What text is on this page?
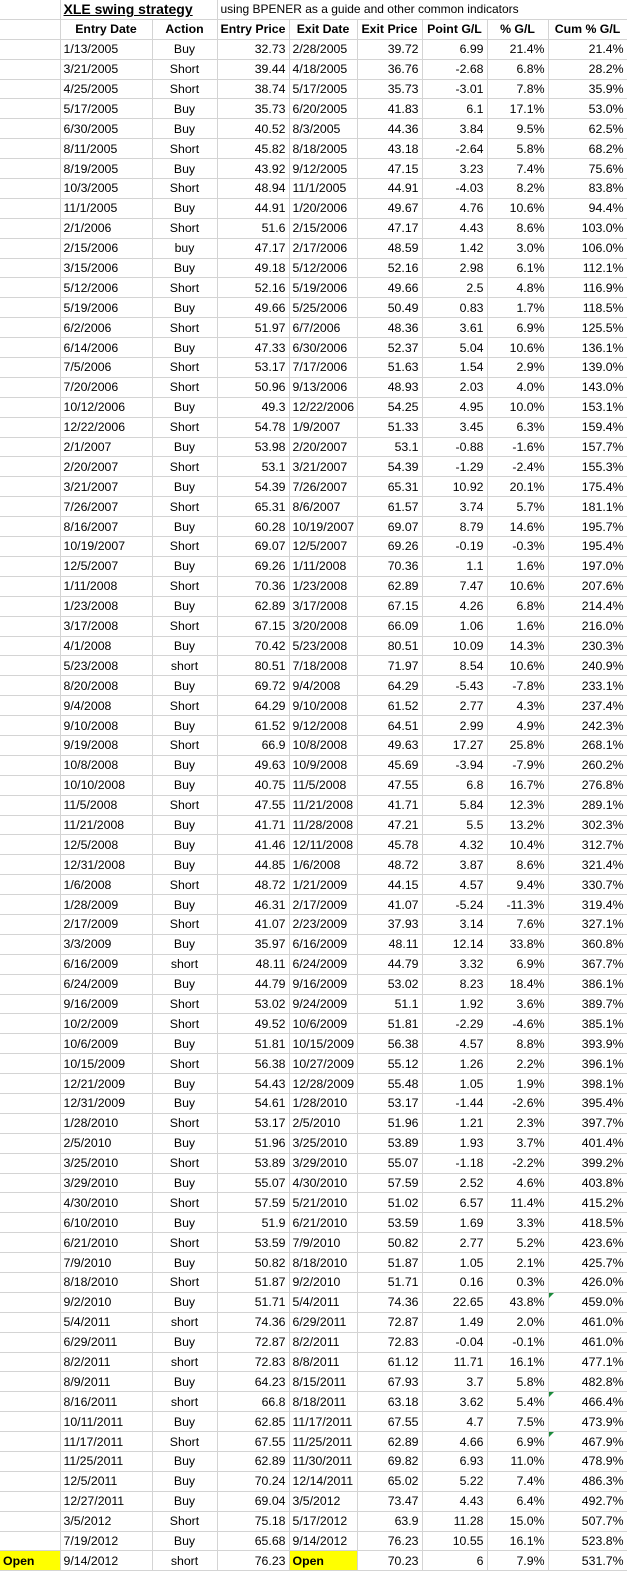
	XLE swing strategy		using BPENER as a guide and other common indicators					
	Entry Date	Action	Entry Price	Exit Date	Exit Price	Point G/L	% G/L	Cum % G/L
	1/13/2005	Buy	32.73	2/28/2005	39.72	6.99	21.4%	21.4%
	3/21/2005	Short	39.44	4/18/2005	36.76	-2.68	6.8%	28.2%
	4/25/2005	Short	38.74	5/17/2005	35.73	-3.01	7.8%	35.9%
	5/17/2005	Buy	35.73	6/20/2005	41.83	6.1	17.1%	53.0%
	6/30/2005	Buy	40.52	8/3/2005	44.36	3.84	9.5%	62.5%
	8/11/2005	Short	45.82	8/18/2005	43.18	-2.64	5.8%	68.2%
	8/19/2005	Buy	43.92	9/12/2005	47.15	3.23	7.4%	75.6%
	10/3/2005	Short	48.94	11/1/2005	44.91	-4.03	8.2%	83.8%
	11/1/2005	Buy	44.91	1/20/2006	49.67	4.76	10.6%	94.4%
	2/1/2006	Short	51.6	2/15/2006	47.17	4.43	8.6%	103.0%
	2/15/2006	buy	47.17	2/17/2006	48.59	1.42	3.0%	106.0%
	3/15/2006	Buy	49.18	5/12/2006	52.16	2.98	6.1%	112.1%
	5/12/2006	Short	52.16	5/19/2006	49.66	2.5	4.8%	116.9%
	5/19/2006	Buy	49.66	5/25/2006	50.49	0.83	1.7%	118.5%
	6/2/2006	Short	51.97	6/7/2006	48.36	3.61	6.9%	125.5%
	6/14/2006	Buy	47.33	6/30/2006	52.37	5.04	10.6%	136.1%
	7/5/2006	Short	53.17	7/17/2006	51.63	1.54	2.9%	139.0%
	7/20/2006	Short	50.96	9/13/2006	48.93	2.03	4.0%	143.0%
	10/12/2006	Buy	49.3	12/22/2006	54.25	4.95	10.0%	153.1%
	12/22/2006	Short	54.78	1/9/2007	51.33	3.45	6.3%	159.4%
	2/1/2007	Buy	53.98	2/20/2007	53.1	-0.88	-1.6%	157.7%
	2/20/2007	Short	53.1	3/21/2007	54.39	-1.29	-2.4%	155.3%
	3/21/2007	Buy	54.39	7/26/2007	65.31	10.92	20.1%	175.4%
	7/26/2007	Short	65.31	8/6/2007	61.57	3.74	5.7%	181.1%
	8/16/2007	Buy	60.28	10/19/2007	69.07	8.79	14.6%	195.7%
	10/19/2007	Short	69.07	12/5/2007	69.26	-0.19	-0.3%	195.4%
	12/5/2007	Buy	69.26	1/11/2008	70.36	1.1	1.6%	197.0%
	1/11/2008	Short	70.36	1/23/2008	62.89	7.47	10.6%	207.6%
	1/23/2008	Buy	62.89	3/17/2008	67.15	4.26	6.8%	214.4%
	3/17/2008	Short	67.15	3/20/2008	66.09	1.06	1.6%	216.0%
	4/1/2008	Buy	70.42	5/23/2008	80.51	10.09	14.3%	230.3%
	5/23/2008	short	80.51	7/18/2008	71.97	8.54	10.6%	240.9%
	8/20/2008	Buy	69.72	9/4/2008	64.29	-5.43	-7.8%	233.1%
	9/4/2008	Short	64.29	9/10/2008	61.52	2.77	4.3%	237.4%
	9/10/2008	Buy	61.52	9/12/2008	64.51	2.99	4.9%	242.3%
	9/19/2008	Short	66.9	10/8/2008	49.63	17.27	25.8%	268.1%
	10/8/2008	Buy	49.63	10/9/2008	45.69	-3.94	-7.9%	260.2%
	10/10/2008	Buy	40.75	11/5/2008	47.55	6.8	16.7%	276.8%
	11/5/2008	Short	47.55	11/21/2008	41.71	5.84	12.3%	289.1%
	11/21/2008	Buy	41.71	11/28/2008	47.21	5.5	13.2%	302.3%
	12/5/2008	Buy	41.46	12/11/2008	45.78	4.32	10.4%	312.7%
	12/31/2008	Buy	44.85	1/6/2008	48.72	3.87	8.6%	321.4%
	1/6/2008	Short	48.72	1/21/2009	44.15	4.57	9.4%	330.7%
	1/28/2009	Buy	46.31	2/17/2009	41.07	-5.24	-11.3%	319.4%
	2/17/2009	Short	41.07	2/23/2009	37.93	3.14	7.6%	327.1%
	3/3/2009	Buy	35.97	6/16/2009	48.11	12.14	33.8%	360.8%
	6/16/2009	short	48.11	6/24/2009	44.79	3.32	6.9%	367.7%
	6/24/2009	Buy	44.79	9/16/2009	53.02	8.23	18.4%	386.1%
	9/16/2009	Short	53.02	9/24/2009	51.1	1.92	3.6%	389.7%
	10/2/2009	Short	49.52	10/6/2009	51.81	-2.29	-4.6%	385.1%
	10/6/2009	Buy	51.81	10/15/2009	56.38	4.57	8.8%	393.9%
	10/15/2009	Short	56.38	10/27/2009	55.12	1.26	2.2%	396.1%
	12/21/2009	Buy	54.43	12/28/2009	55.48	1.05	1.9%	398.1%
	12/31/2009	Buy	54.61	1/28/2010	53.17	-1.44	-2.6%	395.4%
	1/28/2010	Short	53.17	2/5/2010	51.96	1.21	2.3%	397.7%
	2/5/2010	Buy	51.96	3/25/2010	53.89	1.93	3.7%	401.4%
	3/25/2010	Short	53.89	3/29/2010	55.07	-1.18	-2.2%	399.2%
	3/29/2010	Buy	55.07	4/30/2010	57.59	2.52	4.6%	403.8%
	4/30/2010	Short	57.59	5/21/2010	51.02	6.57	11.4%	415.2%
	6/10/2010	Buy	51.9	6/21/2010	53.59	1.69	3.3%	418.5%
	6/21/2010	Short	53.59	7/9/2010	50.82	2.77	5.2%	423.6%
	7/9/2010	Buy	50.82	8/18/2010	51.87	1.05	2.1%	425.7%
	8/18/2010	Short	51.87	9/2/2010	51.71	0.16	0.3%	426.0%
	9/2/2010	Buy	51.71	5/4/2011	74.36	22.65	43.8%	459.0%

	5/4/2011	short	74.36	6/29/2011	72.87	1.49	2.0%	461.0%
	6/29/2011	Buy	72.87	8/2/2011	72.83	-0.04	-0.1%	461.0%
	8/2/2011	short	72.83	8/8/2011	61.12	11.71	16.1%	477.1%
	8/9/2011	Buy	64.23	8/15/2011	67.93	3.7	5.8%	482.8%
	8/16/2011	short	66.8	8/18/2011	63.18	3.62	5.4%	466.4%

	10/11/2011	Buy	62.85	11/17/2011	67.55	4.7	7.5%	473.9%
	11/17/2011	Short	67.55	11/25/2011	62.89	4.66	6.9%	467.9%

	11/25/2011	Buy	62.89	11/30/2011	69.82	6.93	11.0%	478.9%
	12/5/2011	Buy	70.24	12/14/2011	65.02	5.22	7.4%	486.3%
	12/27/2011	Buy	69.04	3/5/2012	73.47	4.43	6.4%	492.7%
	3/5/2012	Short	75.18	5/17/2012	63.9	11.28	15.0%	507.7%
	7/19/2012	Buy	65.68	9/14/2012	76.23	10.55	16.1%	523.8%
Open	9/14/2012	short	76.23	Open	70.23	6	7.9%	531.7%
